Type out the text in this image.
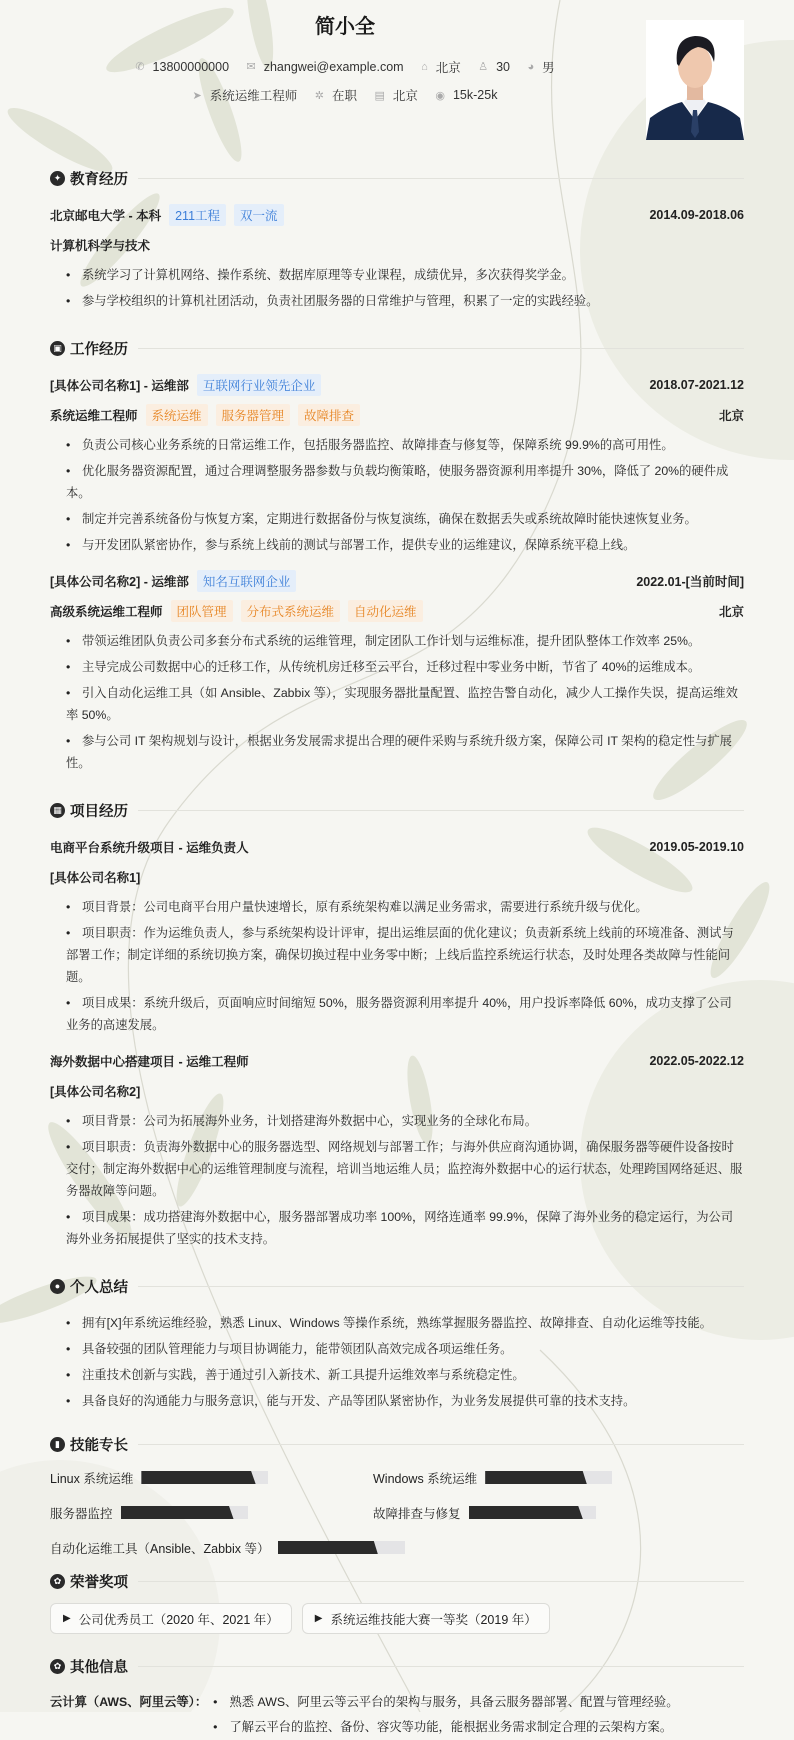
简小全
✆ 13800000000
✉ zhangwei@example.com
⌂ 北京
♙ 30
◕ 男
➤ 系统运维工程师
✲ 在职
▤ 北京
◉ 15k-25k
✦ 教育经历
北京邮电大学 - 本科	211工程	双一流	2014.09-2018.06
计算机科学与技术
• 系统学习了计算机网络、操作系统、数据库原理等专业课程，成绩优异，多次获得奖学金。
• 参与学校组织的计算机社团活动，负责社团服务器的日常维护与管理，积累了一定的实践经验。
▣ 工作经历
[具体公司名称1] - 运维部	互联网行业领先企业	2018.07-2021.12
系统运维工程师	系统运维	服务器管理	故障排查	北京
• 负责公司核心业务系统的日常运维工作，包括服务器监控、故障排查与修复等，保障系统 99.9%的高可用性。
• 优化服务器资源配置，通过合理调整服务器参数与负载均衡策略，使服务器资源利用率提升 30%，降低了 20%的硬件成本。
• 制定并完善系统备份与恢复方案，定期进行数据备份与恢复演练，确保在数据丢失或系统故障时能快速恢复业务。
• 与开发团队紧密协作，参与系统上线前的测试与部署工作，提供专业的运维建议，保障系统平稳上线。
[具体公司名称2] - 运维部	知名互联网企业	2022.01-[当前时间]
高级系统运维工程师	团队管理	分布式系统运维	自动化运维	北京
• 带领运维团队负责公司多套分布式系统的运维管理，制定团队工作计划与运维标准，提升团队整体工作效率 25%。
• 主导完成公司数据中心的迁移工作，从传统机房迁移至云平台，迁移过程中零业务中断，节省了 40%的运维成本。
• 引入自动化运维工具（如 Ansible、Zabbix 等），实现服务器批量配置、监控告警自动化，减少人工操作失误，提高运维效率 50%。
• 参与公司 IT 架构规划与设计，根据业务发展需求提出合理的硬件采购与系统升级方案，保障公司 IT 架构的稳定性与扩展性。
▦ 项目经历
电商平台系统升级项目 - 运维负责人	2019.05-2019.10
[具体公司名称1]
• 项目背景：公司电商平台用户量快速增长，原有系统架构难以满足业务需求，需要进行系统升级与优化。
• 项目职责：作为运维负责人，参与系统架构设计评审，提出运维层面的优化建议；负责新系统上线前的环境准备、测试与部署工作；制定详细的系统切换方案，确保切换过程中业务零中断；上线后监控系统运行状态，及时处理各类故障与性能问题。
• 项目成果：系统升级后，页面响应时间缩短 50%，服务器资源利用率提升 40%，用户投诉率降低 60%，成功支撑了公司业务的高速发展。
海外数据中心搭建项目 - 运维工程师	2022.05-2022.12
[具体公司名称2]
• 项目背景：公司为拓展海外业务，计划搭建海外数据中心，实现业务的全球化布局。
• 项目职责：负责海外数据中心的服务器选型、网络规划与部署工作；与海外供应商沟通协调，确保服务器等硬件设备按时交付；制定海外数据中心的运维管理制度与流程，培训当地运维人员；监控海外数据中心的运行状态，处理跨国网络延迟、服务器故障等问题。
• 项目成果：成功搭建海外数据中心，服务器部署成功率 100%，网络连通率 99.9%，保障了海外业务的稳定运行，为公司海外业务拓展提供了坚实的技术支持。
● 个人总结
• 拥有[X]年系统运维经验，熟悉 Linux、Windows 等操作系统，熟练掌握服务器监控、故障排查、自动化运维等技能。
• 具备较强的团队管理能力与项目协调能力，能带领团队高效完成各项运维任务。
• 注重技术创新与实践，善于通过引入新技术、新工具提升运维效率与系统稳定性。
• 具备良好的沟通能力与服务意识，能与开发、产品等团队紧密协作，为业务发展提供可靠的技术支持。
▮ 技能专长
Linux 系统运维	Windows 系统运维
服务器监控	故障排查与修复
自动化运维工具（Ansible、Zabbix 等）
✿ 荣誉奖项
▶ 公司优秀员工（2020 年、2021 年）	▶ 系统运维技能大赛一等奖（2019 年）
✿ 其他信息
云计算（AWS、阿里云等）：	• 熟悉 AWS、阿里云等云平台的架构与服务，具备云服务器部署、配置与管理经验。
• 了解云平台的监控、备份、容灾等功能，能根据业务需求制定合理的云架构方案。
